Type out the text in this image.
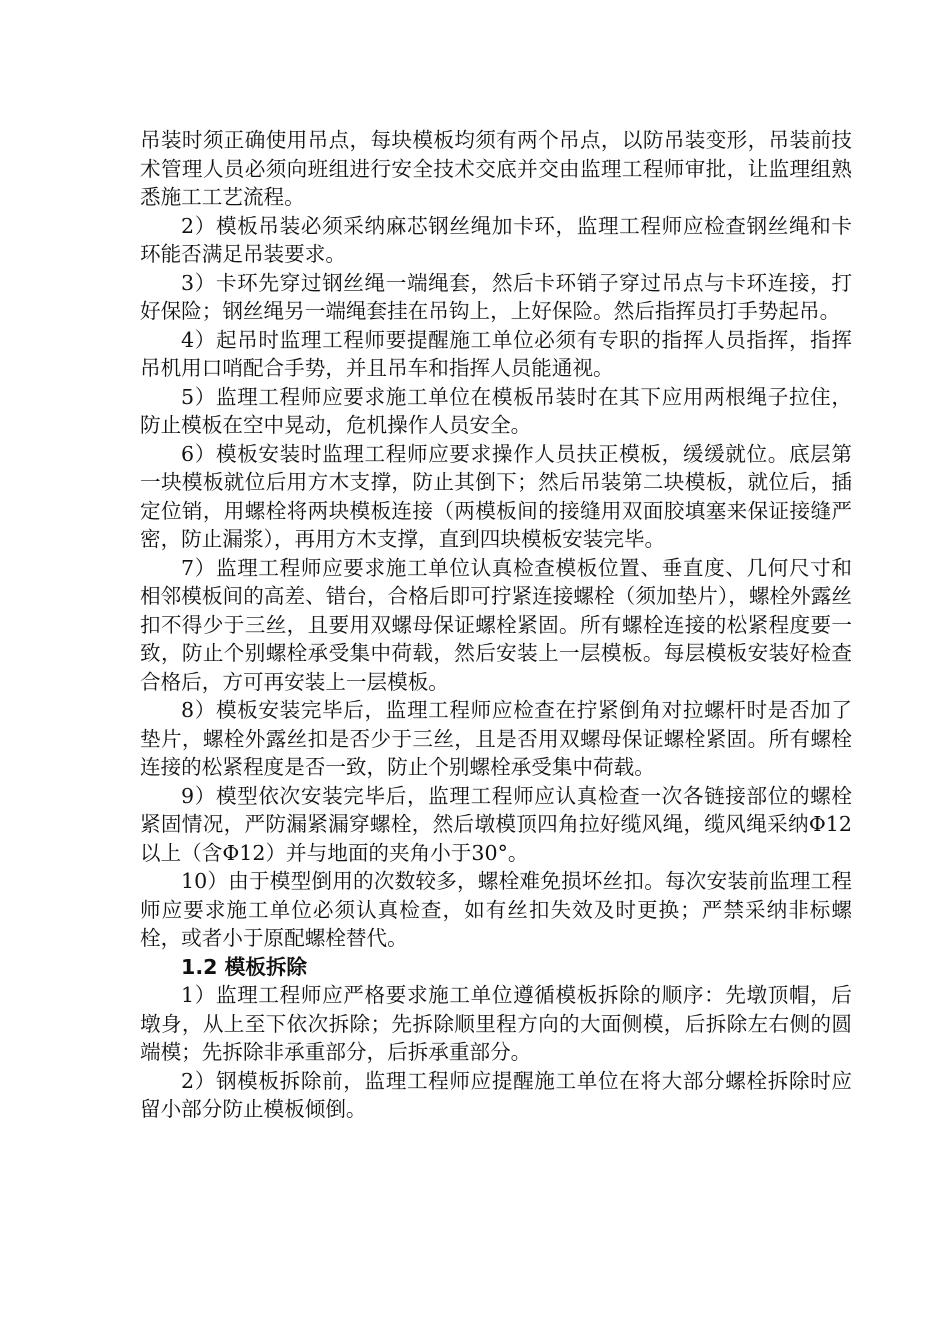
吊装时须正确使用吊点，每块模板均须有两个吊点，以防吊装变形，吊装前技术管理人员必须向班组进行安全技术交底并交由监理工程师审批，让监理组熟悉施工工艺流程。

2）模板吊装必须采纳麻芯钢丝绳加卡环，监理工程师应检查钢丝绳和卡环能否满足吊装要求。

3）卡环先穿过钢丝绳一端绳套，然后卡环销子穿过吊点与卡环连接，打好保险；钢丝绳另一端绳套挂在吊钩上，上好保险。然后指挥员打手势起吊。

4）起吊时监理工程师要提醒施工单位必须有专职的指挥人员指挥，指挥吊机用口哨配合手势，并且吊车和指挥人员能通视。

5）监理工程师应要求施工单位在模板吊装时在其下应用两根绳子拉住，防止模板在空中晃动，危机操作人员安全。

6）模板安装时监理工程师应要求操作人员扶正模板，缓缓就位。底层第一块模板就位后用方木支撑，防止其倒下；然后吊装第二块模板，就位后，插定位销，用螺栓将两块模板连接（两模板间的接缝用双面胶填塞来保证接缝严密，防止漏浆），再用方木支撑，直到四块模板安装完毕。

7）监理工程师应要求施工单位认真检查模板位置、垂直度、几何尺寸和相邻模板间的高差、错台，合格后即可拧紧连接螺栓（须加垫片），螺栓外露丝扣不得少于三丝，且要用双螺母保证螺栓紧固。所有螺栓连接的松紧程度要一致，防止个别螺栓承受集中荷载，然后安装上一层模板。每层模板安装好检查合格后，方可再安装上一层模板。

8）模板安装完毕后，监理工程师应检查在拧紧倒角对拉螺杆时是否加了垫片，螺栓外露丝扣是否少于三丝，且是否用双螺母保证螺栓紧固。所有螺栓连接的松紧程度是否一致，防止个别螺栓承受集中荷载。

9）模型依次安装完毕后，监理工程师应认真检查一次各链接部位的螺栓紧固情况，严防漏紧漏穿螺栓，然后墩模顶四角拉好缆风绳，缆风绳采纳Φ12以上（含Φ12）并与地面的夹角小于30°。

10）由于模型倒用的次数较多，螺栓难免损坏丝扣。每次安装前监理工程师应要求施工单位必须认真检查，如有丝扣失效及时更换；严禁采纳非标螺栓，或者小于原配螺栓替代。

1.2 模板拆除

1）监理工程师应严格要求施工单位遵循模板拆除的顺序：先墩顶帽，后墩身，从上至下依次拆除；先拆除顺里程方向的大面侧模，后拆除左右侧的圆端模；先拆除非承重部分，后拆承重部分。

2）钢模板拆除前，监理工程师应提醒施工单位在将大部分螺栓拆除时应留小部分防止模板倾倒。
